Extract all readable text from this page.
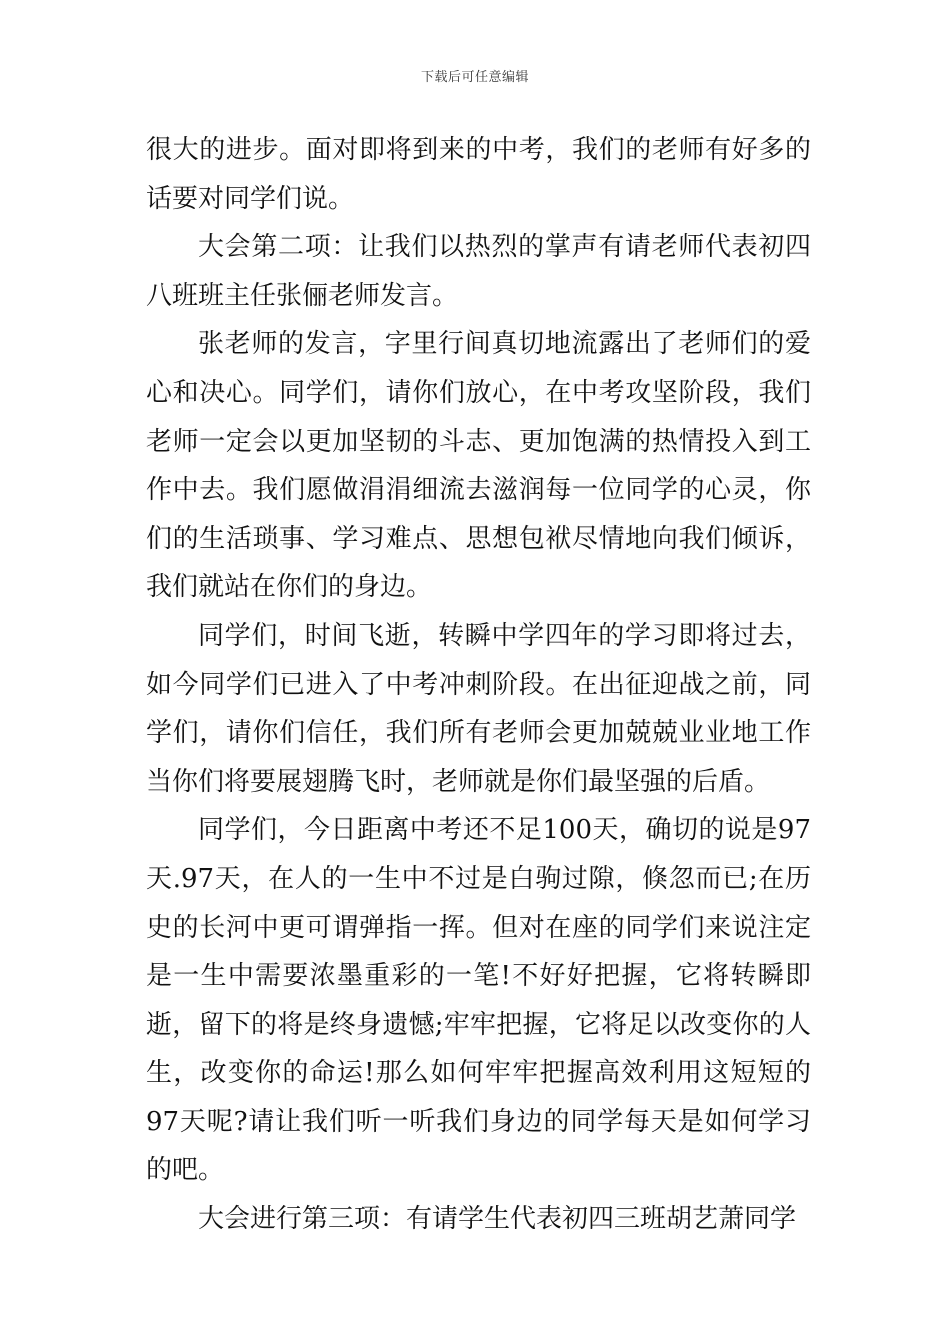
下载后可任意编辑

很大的进步。面对即将到来的中考，我们的老师有好多的话要对同学们说。

大会第二项：让我们以热烈的掌声有请老师代表初四八班班主任张俪老师发言。

张老师的发言，字里行间真切地流露出了老师们的爱心和决心。同学们，请你们放心，在中考攻坚阶段，我们老师一定会以更加坚韧的斗志、更加饱满的热情投入到工作中去。我们愿做涓涓细流去滋润每一位同学的心灵，你们的生活琐事、学习难点、思想包袱尽情地向我们倾诉，我们就站在你们的身边。

同学们，时间飞逝，转瞬中学四年的学习即将过去，如今同学们已进入了中考冲刺阶段。在出征迎战之前，同学们，请你们信任，我们所有老师会更加兢兢业业地工作当你们将要展翅腾飞时，老师就是你们最坚强的后盾。

同学们，今日距离中考还不足100天，确切的说是97天.97天，在人的一生中不过是白驹过隙，倏忽而已;在历史的长河中更可谓弹指一挥。但对在座的同学们来说注定是一生中需要浓墨重彩的一笔!不好好把握，它将转瞬即逝，留下的将是终身遗憾;牢牢把握，它将足以改变你的人生，改变你的命运!那么如何牢牢把握高效利用这短短的97天呢?请让我们听一听我们身边的同学每天是如何学习的吧。

大会进行第三项：有请学生代表初四三班胡艺萧同学
